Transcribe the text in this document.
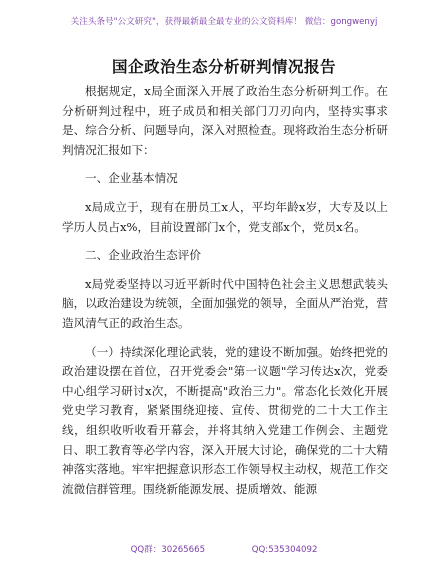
关注头条号"公文研究"，获得最新最全最专业的公文资料库！ 微信：gongwenyj
国企政治生态分析研判情况报告

根据规定，x局全面深入开展了政治生态分析研判工作。在分析研判过程中，班子成员和相关部门刀刃向内，坚持实事求是、综合分析、问题导向，深入对照检查。现将政治生态分析研判情况汇报如下：

一、企业基本情况

x局成立于，现有在册员工x人，平均年龄x岁，大专及以上学历人员占x%，目前设置部门x个，党支部x个，党员x名。

二、企业政治生态评价

x局党委坚持以习近平新时代中国特色社会主义思想武装头脑，以政治建设为统领，全面加强党的领导，全面从严治党，营造风清气正的政治生态。

（一）持续深化理论武装，党的建设不断加强。始终把党的政治建设摆在首位，召开党委会"第一议题"学习传达x次，党委中心组学习研讨x次，不断提高"政治三力"。常态化长效化开展党史学习教育，紧紧围绕迎接、宣传、贯彻党的二十大工作主线，组织收听收看开幕会，并将其纳入党建工作例会、主题党日、职工教育等必学内容，深入开展大讨论，确保党的二十大精神落实落地。牢牢把握意识形态工作领导权主动权，规范工作交流微信群管理。围绕新能源发展、提质增效、能源

QQ群：30265665	QQ:535304092
